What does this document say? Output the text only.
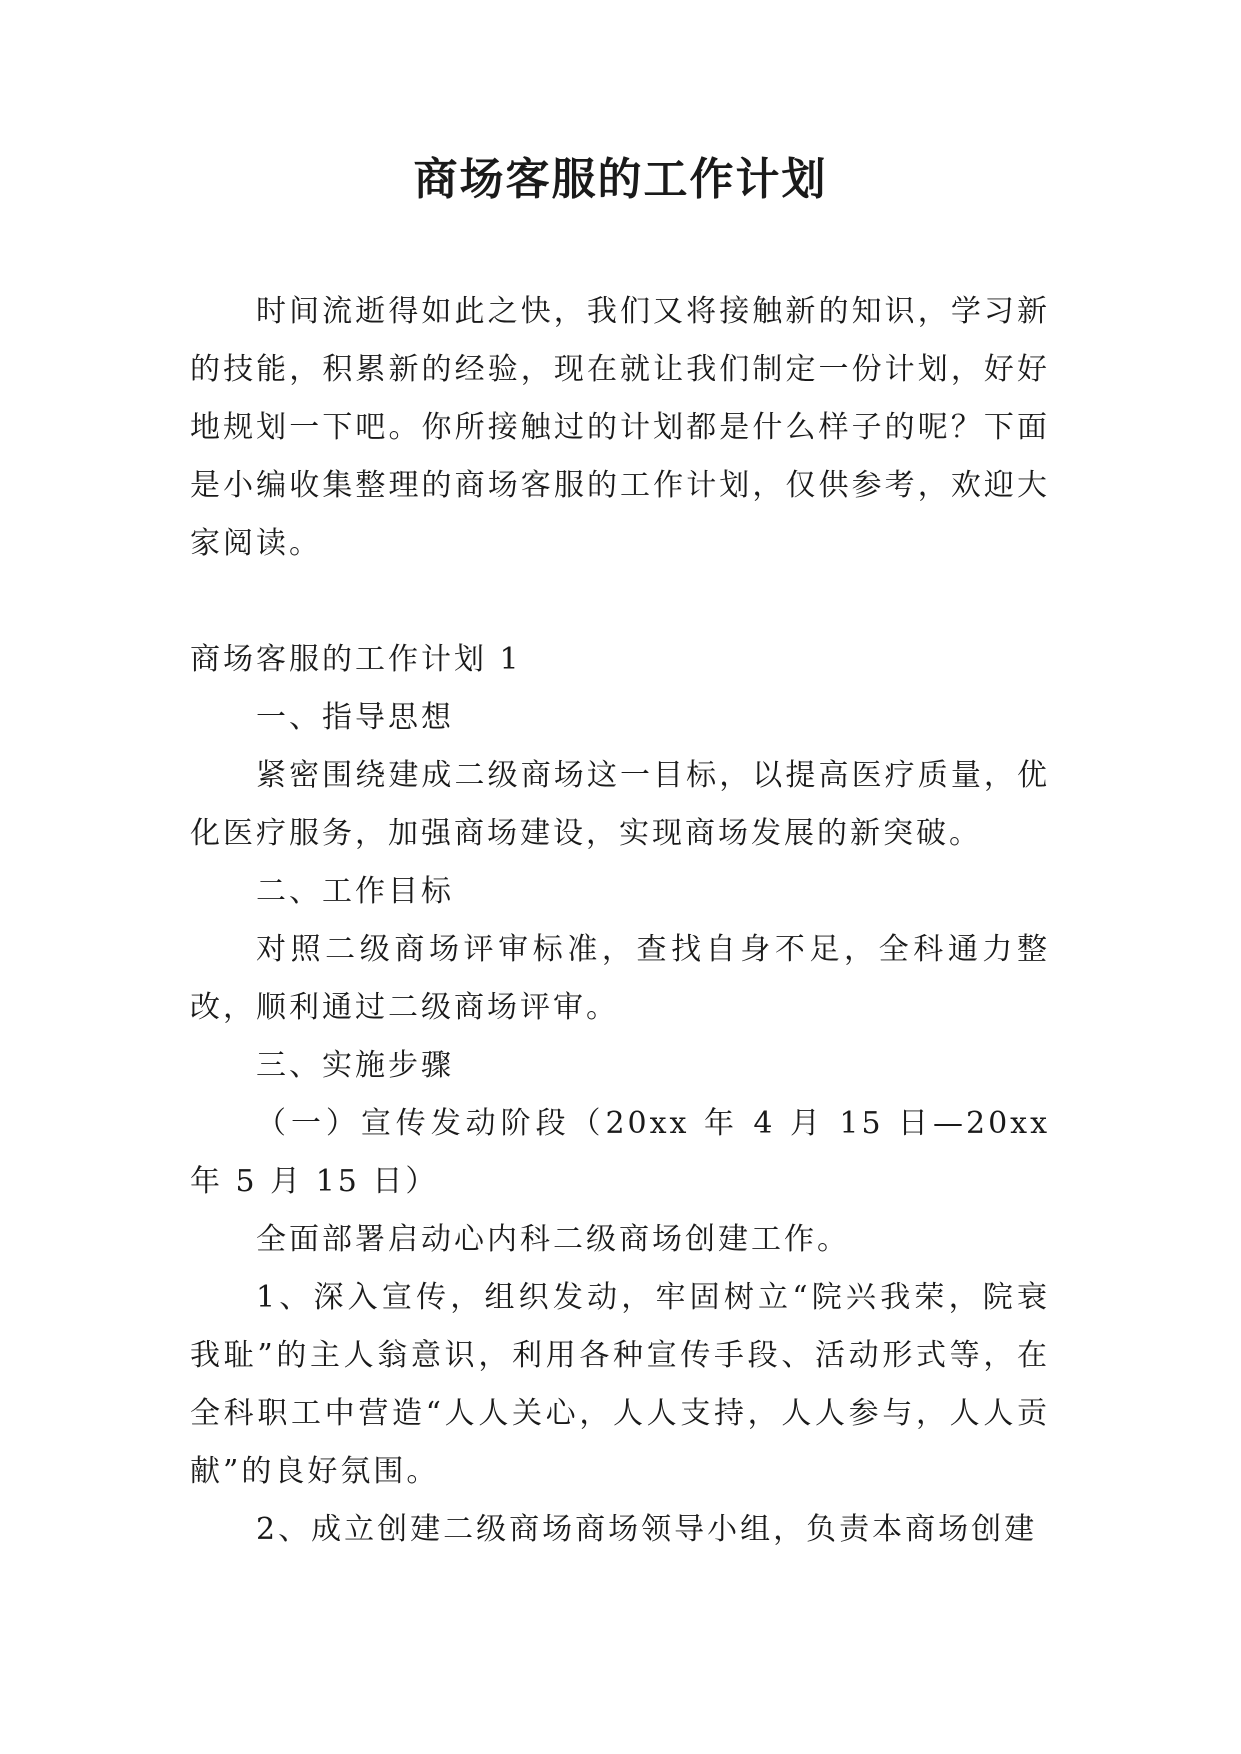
商场客服的工作计划

时间流逝得如此之快，我们又将接触新的知识，学习新的技能，积累新的经验，现在就让我们制定一份计划，好好地规划一下吧。你所接触过的计划都是什么样子的呢？下面是小编收集整理的商场客服的工作计划，仅供参考，欢迎大家阅读。

商场客服的工作计划 1

一、指导思想

紧密围绕建成二级商场这一目标，以提高医疗质量，优化医疗服务，加强商场建设，实现商场发展的新突破。

二、工作目标

对照二级商场评审标准，查找自身不足，全科通力整改，顺利通过二级商场评审。

三、实施步骤

（一）宣传发动阶段（20xx 年 4 月 15 日—20xx 年 5 月 15 日）

全面部署启动心内科二级商场创建工作。

1、深入宣传，组织发动，牢固树立“院兴我荣，院衰我耻”的主人翁意识，利用各种宣传手段、活动形式等，在全科职工中营造“人人关心，人人支持，人人参与，人人贡献”的良好氛围。

2、成立创建二级商场商场领导小组，负责本商场创建
